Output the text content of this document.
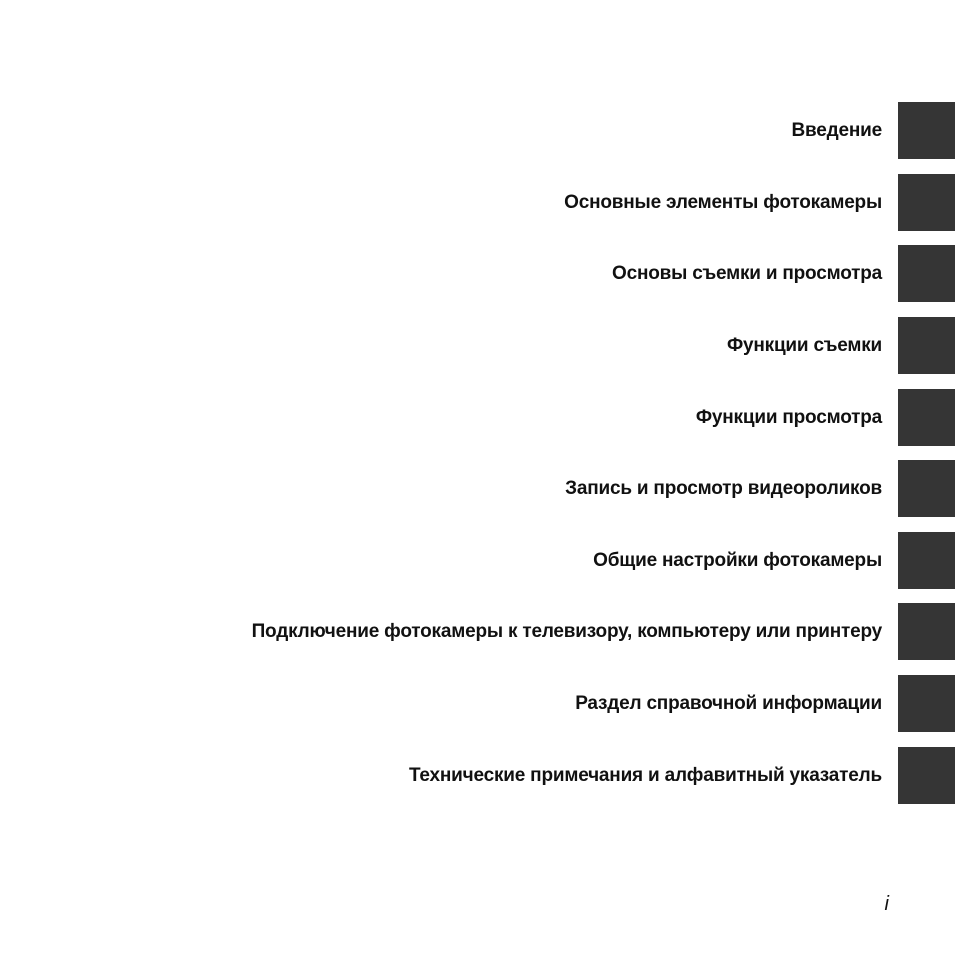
Введение
Основные элементы фотокамеры
Основы съемки и просмотра
Функции съемки
Функции просмотра
Запись и просмотр видеороликов
Общие настройки фотокамеры
Подключение фотокамеры к телевизору, компьютеру или принтеру
Раздел справочной информации
Технические примечания и алфавитный указатель
i
